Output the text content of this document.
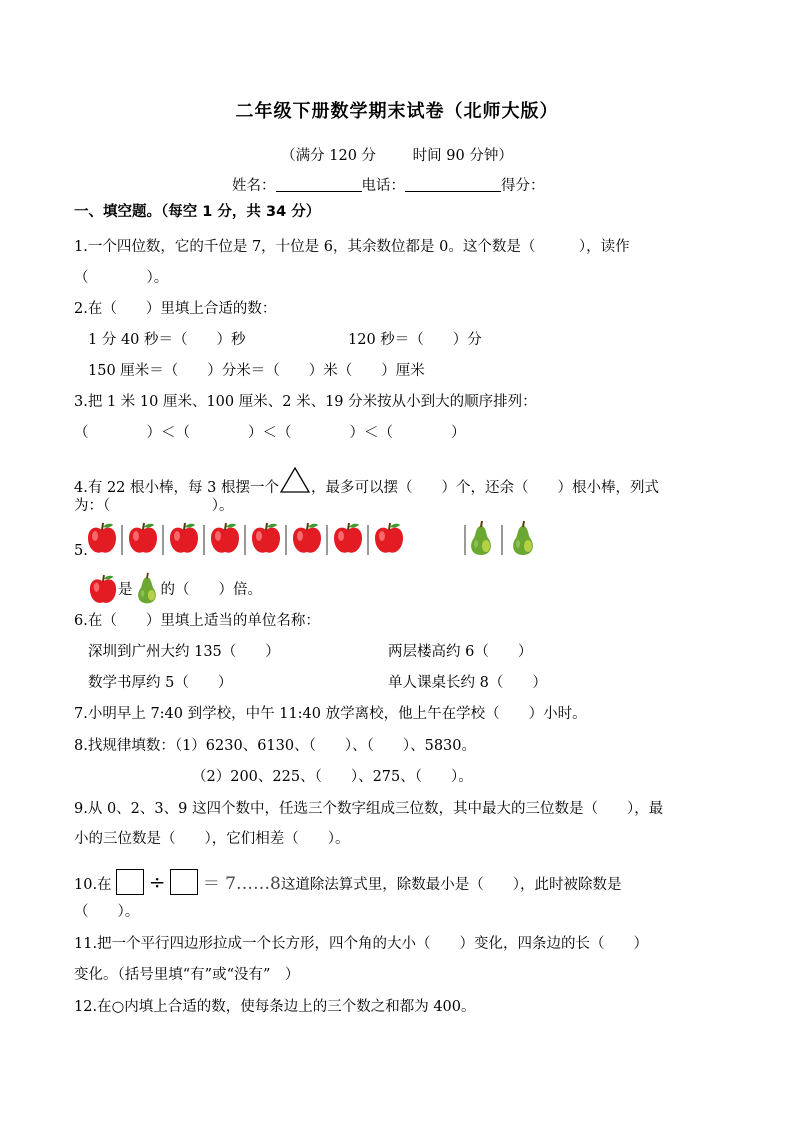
二年级下册数学期末试卷（北师大版）
（满分 120 分	时间 90 分钟）
姓名：	电话：	得分：
一、填空题。（每空 1 分，共 34 分）
1.一个四位数，它的千位是 7，十位是 6，其余数位都是 0。这个数是（　　　），读作
（　　　　）。
2.在（　　）里填上合适的数：
1 分 40 秒＝（　　）秒	120 秒＝（　　）分
150 厘米＝（　　）分米＝（　　）米（　　）厘米
3.把 1 米 10 厘米、100 厘米、2 米、19 分米按从小到大的顺序排列：
（　　　　）＜（　　　　）＜（　　　　）＜（　　　　）
4.有 22 根小棒，每 3 根摆一个 ，最多可以摆（　　）个，还余（　　）根小棒，列式
为：（　　　　　　　）。
5.
是 的（　　）倍。
6.在（　　）里填上适当的单位名称：
深圳到广州大约 135（　　）	两层楼高约 6（　　）
数学书厚约 5（　　）	单人课桌长约 8（　　）
7.小明早上 7:40 到学校，中午 11:40 放学离校，他上午在学校（　　）小时。
8.找规律填数：（1）6230、6130、（　　）、（　　）、5830。
（2）200、225、（　　）、275、（　　）。
9.从 0、2、3、9 这四个数中，任选三个数字组成三位数，其中最大的三位数是（　　），最
小的三位数是（　　），它们相差（　　）。
10.在 ÷ ＝ 7……8这道除法算式里，除数最小是（　　），此时被除数是
（　　）。
11.把一个平行四边形拉成一个长方形，四个角的大小（　　）变化，四条边的长（　　）
变化。（括号里填“有”或“没有”　）
12.在○内填上合适的数，使每条边上的三个数之和都为 400。
